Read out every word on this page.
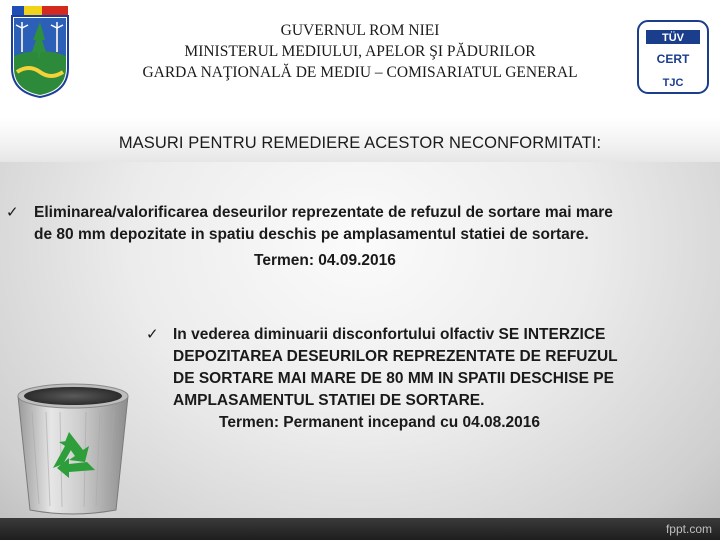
GUVERNUL ROM NIEI
MINISTERUL MEDIULUI, APELOR ŞI PĂDURILOR
GARDA NAŢIONALĂ DE MEDIU – COMISARIATUL GENERAL
TÜV
CERT
TJC
MASURI PENTRU REMEDIERE ACESTOR NECONFORMITATI:
✓ Eliminarea/valorificarea deseurilor reprezentate de refuzul de sortare mai mare
de 80 mm depozitate in spatiu deschis pe amplasamentul statiei de sortare.
Termen: 04.09.2016
✓ In vederea diminuarii disconfortului olfactiv SE INTERZICE
DEPOZITAREA DESEURILOR REPREZENTATE DE REFUZUL
DE SORTARE MAI MARE DE 80 MM IN SPATII DESCHISE PE
AMPLASAMENTUL STATIEI DE SORTARE.
Termen: Permanent incepand cu 04.08.2016
fppt.com
